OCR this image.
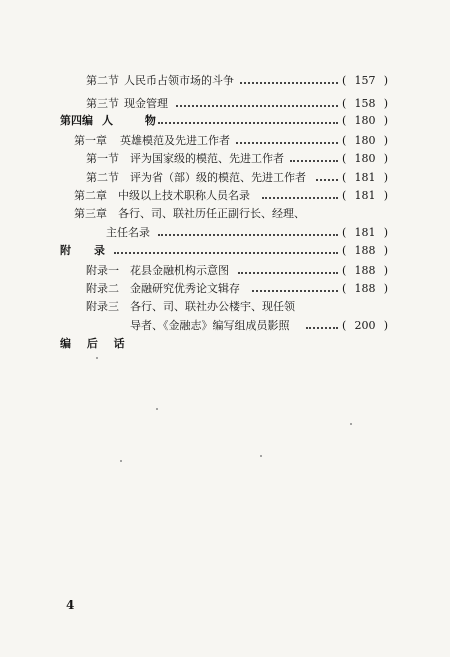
第二节 人民币占领市场的斗争	( 157 )
第三节 现金管理	( 158 )
第四编 人 物	( 180 )
第一章 英雄模范及先进工作者	( 180 )
第一节 评为国家级的模范、先进工作者	( 180 )
第二节 评为省（部）级的模范、先进工作者	( 181 )
第二章 中级以上技术职称人员名录	( 181 )
第三章 各行、司、联社历任正副行长、经理、
主任名录	( 181 )
附 录	( 188 )
附录一 花县金融机构示意图	( 188 )
附录二 金融研究优秀论文辑存	( 188 )
附录三 各行、司、联社办公楼宇、现任领
导者、《金融志》编写组成员影照	( 200 )
编 后 话
4
